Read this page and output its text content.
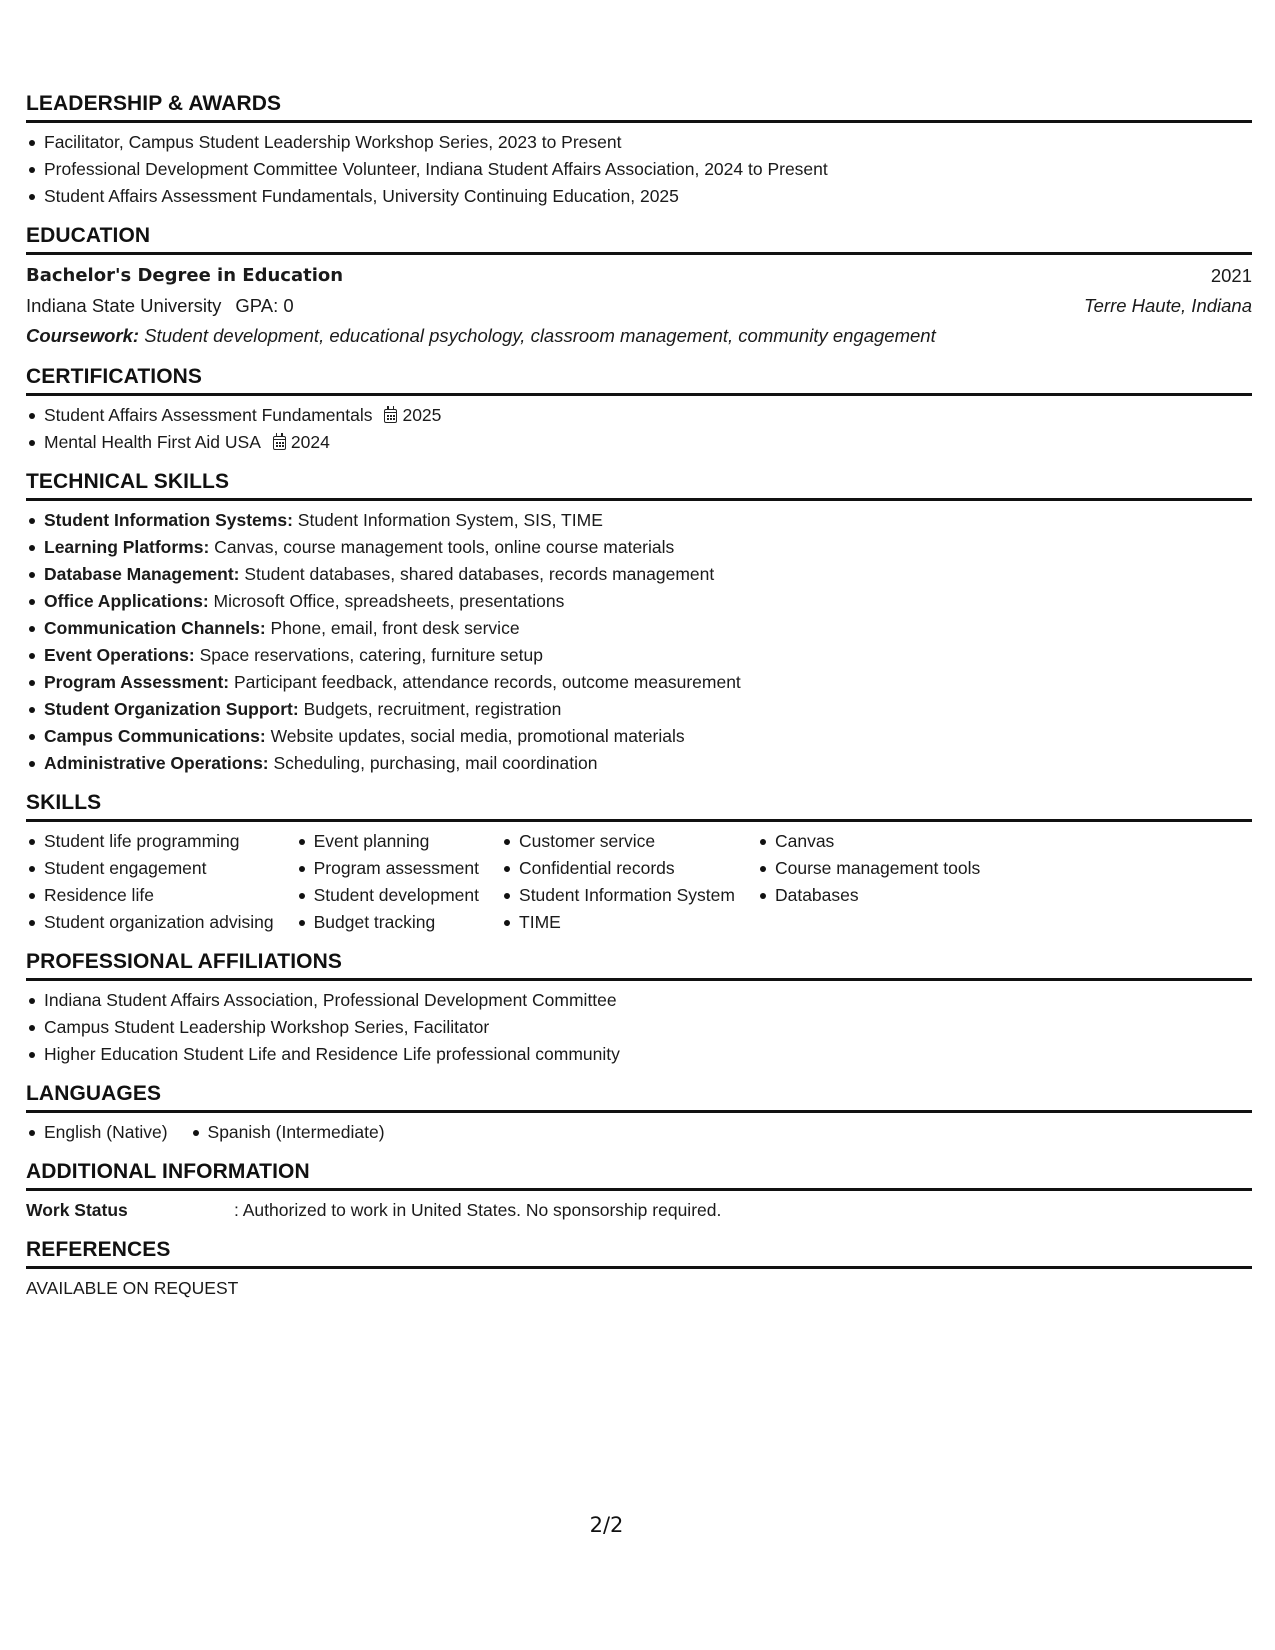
LEADERSHIP & AWARDS
Facilitator, Campus Student Leadership Workshop Series, 2023 to Present
Professional Development Committee Volunteer, Indiana Student Affairs Association, 2024 to Present
Student Affairs Assessment Fundamentals, University Continuing Education, 2025
EDUCATION
Bachelor's Degree in Education	2021
Indiana State University GPA: 0	Terre Haute, Indiana
Coursework: Student development, educational psychology, classroom management, community engagement
CERTIFICATIONS
Student Affairs Assessment Fundamentals 2025
Mental Health First Aid USA 2024
TECHNICAL SKILLS
Student Information Systems: Student Information System, SIS, TIME
Learning Platforms: Canvas, course management tools, online course materials
Database Management: Student databases, shared databases, records management
Office Applications: Microsoft Office, spreadsheets, presentations
Communication Channels: Phone, email, front desk service
Event Operations: Space reservations, catering, furniture setup
Program Assessment: Participant feedback, attendance records, outcome measurement
Student Organization Support: Budgets, recruitment, registration
Campus Communications: Website updates, social media, promotional materials
Administrative Operations: Scheduling, purchasing, mail coordination
SKILLS
Student life programming
Student engagement
Residence life
Student organization advising
Event planning
Program assessment
Student development
Budget tracking
Customer service
Confidential records
Student Information System
TIME
Canvas
Course management tools
Databases
PROFESSIONAL AFFILIATIONS
Indiana Student Affairs Association, Professional Development Committee
Campus Student Leadership Workshop Series, Facilitator
Higher Education Student Life and Residence Life professional community
LANGUAGES
English (Native)	Spanish (Intermediate)
ADDITIONAL INFORMATION
Work Status	: Authorized to work in United States. No sponsorship required.
REFERENCES
AVAILABLE ON REQUEST
2/2
